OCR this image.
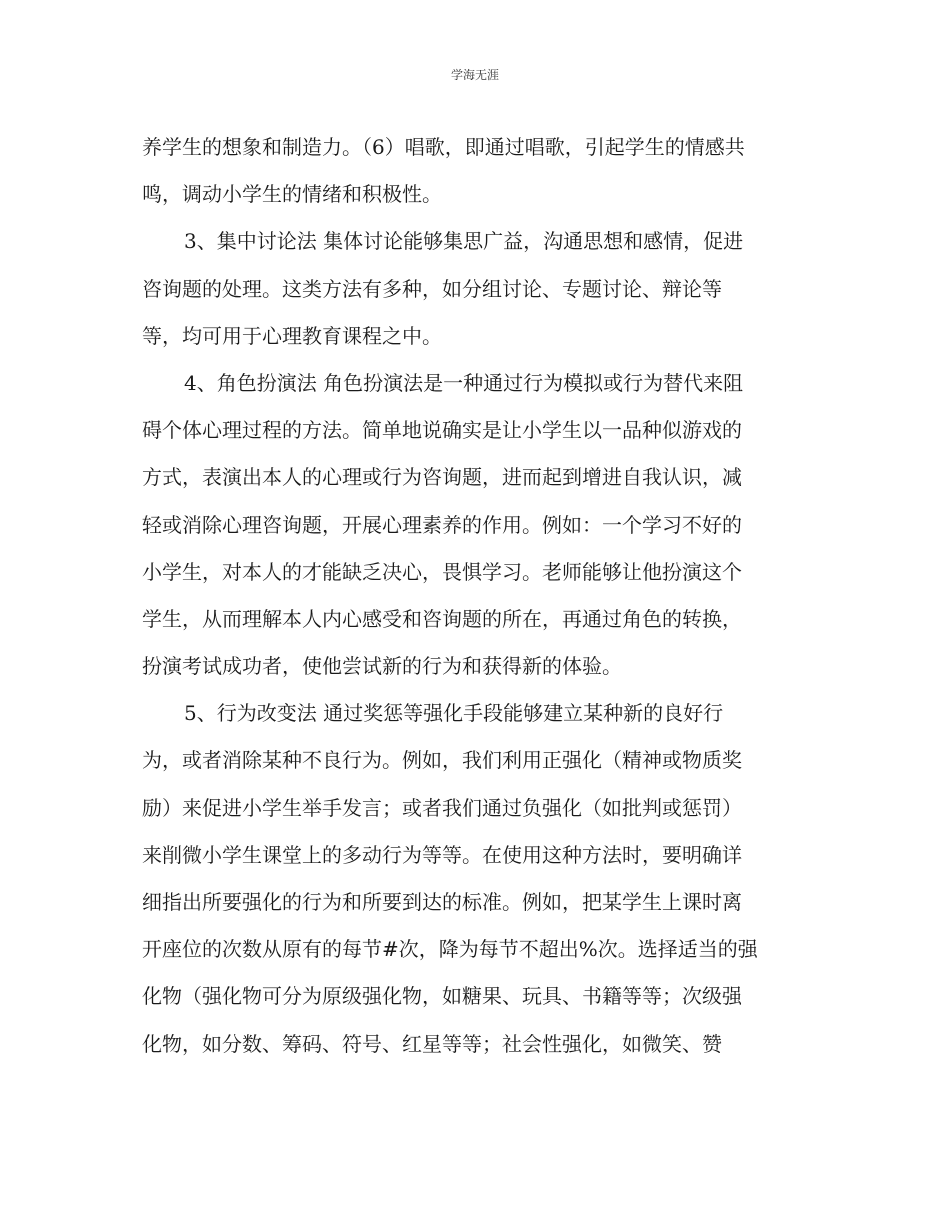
学海无涯
养学生的想象和制造力。（6）唱歌，即通过唱歌，引起学生的情感共
鸣，调动小学生的情绪和积极性。
3、集中讨论法 集体讨论能够集思广益，沟通思想和感情，促进
咨询题的处理。这类方法有多种，如分组讨论、专题讨论、辩论等
等，均可用于心理教育课程之中。
4、角色扮演法 角色扮演法是一种通过行为模拟或行为替代来阻
碍个体心理过程的方法。简单地说确实是让小学生以一品种似游戏的
方式，表演出本人的心理或行为咨询题，进而起到增进自我认识，减
轻或消除心理咨询题，开展心理素养的作用。例如：一个学习不好的
小学生，对本人的才能缺乏决心，畏惧学习。老师能够让他扮演这个
学生，从而理解本人内心感受和咨询题的所在，再通过角色的转换，
扮演考试成功者，使他尝试新的行为和获得新的体验。
5、行为改变法 通过奖惩等强化手段能够建立某种新的良好行
为，或者消除某种不良行为。例如，我们利用正强化（精神或物质奖
励）来促进小学生举手发言；或者我们通过负强化（如批判或惩罚）
来削微小学生课堂上的多动行为等等。在使用这种方法时，要明确详
细指出所要强化的行为和所要到达的标准。例如，把某学生上课时离
开座位的次数从原有的每节#次，降为每节不超出%次。选择适当的强
化物（强化物可分为原级强化物，如糖果、玩具、书籍等等；次级强
化物，如分数、筹码、符号、红星等等；社会性强化，如微笑、赞
